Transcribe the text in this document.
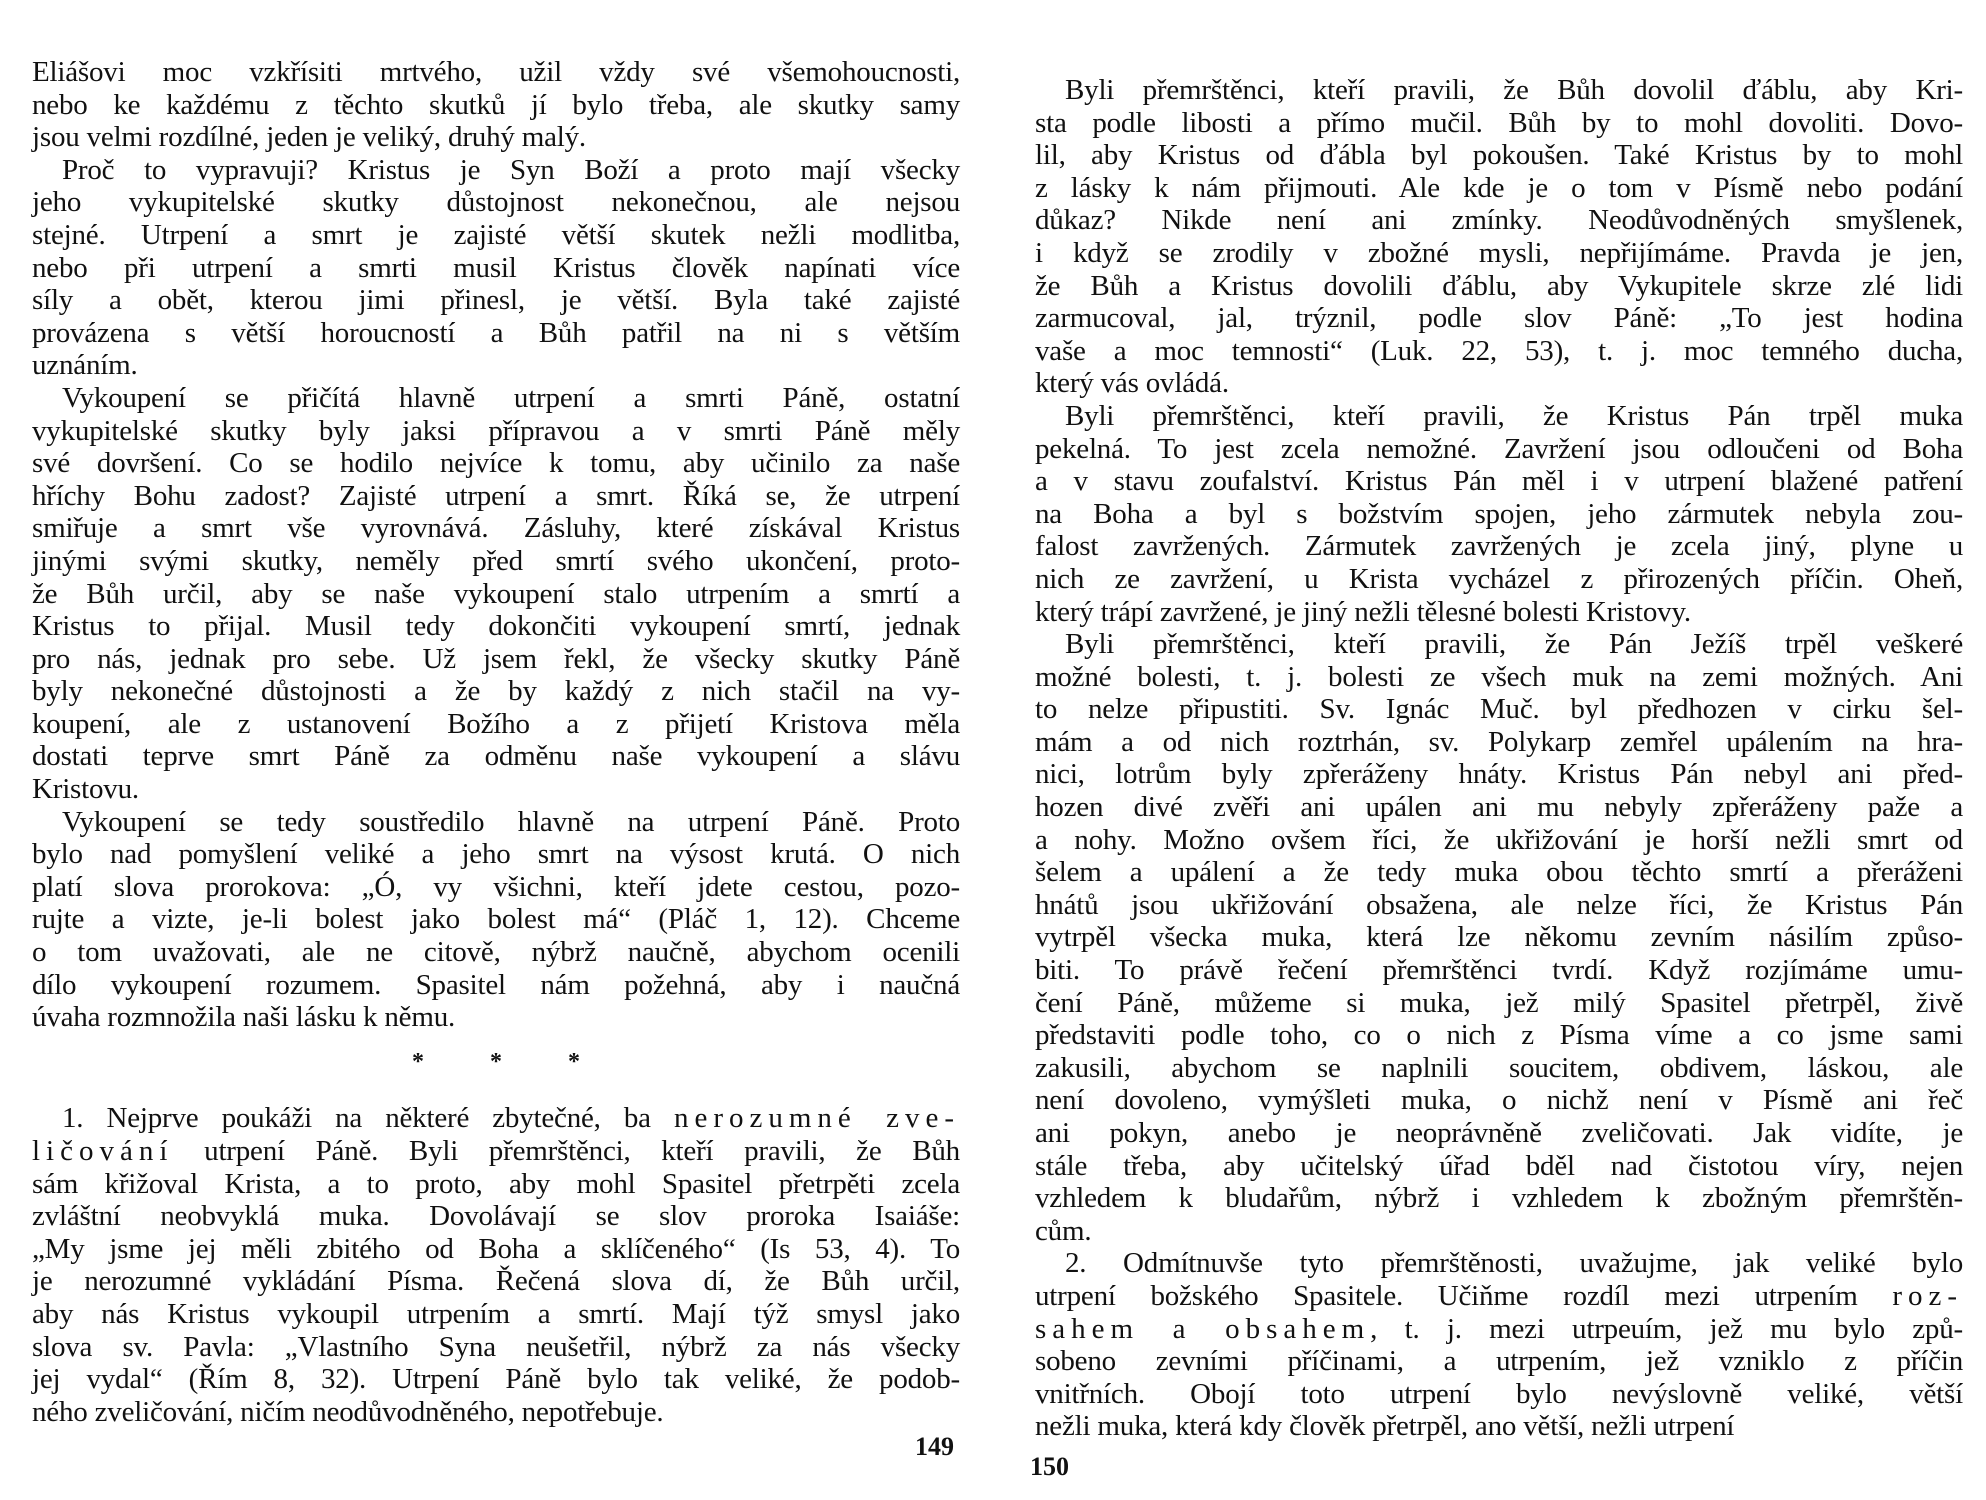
Eliášovi moc vzkřísiti mrtvého, užil vždy své všemohoucnosti,
nebo ke každému z těchto skutků jí bylo třeba, ale skutky samy
jsou velmi rozdílné, jeden je veliký, druhý malý.
Proč to vypravuji? Kristus je Syn Boží a proto mají všecky
jeho vykupitelské skutky důstojnost nekonečnou, ale nejsou
stejné. Utrpení a smrt je zajisté větší skutek nežli modlitba,
nebo při utrpení a smrti musil Kristus člověk napínati více
síly a obět, kterou jimi přinesl, je větší. Byla také zajisté
provázena s větší horoucností a Bůh patřil na ni s větším
uznáním.
Vykoupení se přičítá hlavně utrpení a smrti Páně, ostatní
vykupitelské skutky byly jaksi přípravou a v smrti Páně měly
své dovršení. Co se hodilo nejvíce k tomu, aby učinilo za naše
hříchy Bohu zadost? Zajisté utrpení a smrt. Říká se, že utrpení
smiřuje a smrt vše vyrovnává. Zásluhy, které získával Kristus
jinými svými skutky, neměly před smrtí svého ukončení, proto-
že Bůh určil, aby se naše vykoupení stalo utrpením a smrtí a
Kristus to přijal. Musil tedy dokončiti vykoupení smrtí, jednak
pro nás, jednak pro sebe. Už jsem řekl, že všecky skutky Páně
byly nekonečné důstojnosti a že by každý z nich stačil na vy-
koupení, ale z ustanovení Božího a z přijetí Kristova měla
dostati teprve smrt Páně za odměnu naše vykoupení a slávu
Kristovu.
Vykoupení se tedy soustředilo hlavně na utrpení Páně. Proto
bylo nad pomyšlení veliké a jeho smrt na výsost krutá. O nich
platí slova prorokova: „Ó, vy všichni, kteří jdete cestou, pozo-
rujte a vizte, je-li bolest jako bolest má“ (Pláč 1, 12). Chceme
o tom uvažovati, ale ne citově, nýbrž naučně, abychom ocenili
dílo vykoupení rozumem. Spasitel nám požehná, aby i naučná
úvaha rozmnožila naši lásku k němu.
* * *
1. Nejprve poukáži na některé zbytečné, ba nerozumné zve-
ličování utrpení Páně. Byli přemrštěnci, kteří pravili, že Bůh
sám křižoval Krista, a to proto, aby mohl Spasitel přetrpěti zcela
zvláštní neobvyklá muka. Dovolávají se slov proroka Isaiáše:
„My jsme jej měli zbitého od Boha a sklíčeného“ (Is 53, 4). To
je nerozumné vykládání Písma. Řečená slova dí, že Bůh určil,
aby nás Kristus vykoupil utrpením a smrtí. Mají týž smysl jako
slova sv. Pavla: „Vlastního Syna neušetřil, nýbrž za nás všecky
jej vydal“ (Řím 8, 32). Utrpení Páně bylo tak veliké, že podob-
ného zveličování, ničím neodůvodněného, nepotřebuje.
149
Byli přemrštěnci, kteří pravili, že Bůh dovolil ďáblu, aby Kri-
sta podle libosti a přímo mučil. Bůh by to mohl dovoliti. Dovo-
lil, aby Kristus od ďábla byl pokoušen. Také Kristus by to mohl
z lásky k nám přijmouti. Ale kde je o tom v Písmě nebo podání
důkaz? Nikde není ani zmínky. Neodůvodněných smyšlenek,
i když se zrodily v zbožné mysli, nepřijímáme. Pravda je jen,
že Bůh a Kristus dovolili ďáblu, aby Vykupitele skrze zlé lidi
zarmucoval, jal, trýznil, podle slov Páně: „To jest hodina
vaše a moc temnosti“ (Luk. 22, 53), t. j. moc temného ducha,
který vás ovládá.
Byli přemrštěnci, kteří pravili, že Kristus Pán trpěl muka
pekelná. To jest zcela nemožné. Zavržení jsou odloučeni od Boha
a v stavu zoufalství. Kristus Pán měl i v utrpení blažené patření
na Boha a byl s božstvím spojen, jeho zármutek nebyla zou-
falost zavržených. Zármutek zavržených je zcela jiný, plyne u
nich ze zavržení, u Krista vycházel z přirozených příčin. Oheň,
který trápí zavržené, je jiný nežli tělesné bolesti Kristovy.
Byli přemrštěnci, kteří pravili, že Pán Ježíš trpěl veškeré
možné bolesti, t. j. bolesti ze všech muk na zemi možných. Ani
to nelze připustiti. Sv. Ignác Muč. byl předhozen v cirku šel-
mám a od nich roztrhán, sv. Polykarp zemřel upálením na hra-
nici, lotrům byly zpřeráženy hnáty. Kristus Pán nebyl ani před-
hozen divé zvěři ani upálen ani mu nebyly zpřeráženy paže a
a nohy. Možno ovšem říci, že ukřižování je horší nežli smrt od
šelem a upálení a že tedy muka obou těchto smrtí a přeráženi
hnátů jsou ukřižování obsažena, ale nelze říci, že Kristus Pán
vytrpěl všecka muka, která lze někomu zevním násilím způso-
biti. To právě řečení přemrštěnci tvrdí. Když rozjímáme umu-
čení Páně, můžeme si muka, jež milý Spasitel přetrpěl, živě
představiti podle toho, co o nich z Písma víme a co jsme sami
zakusili, abychom se naplnili soucitem, obdivem, láskou, ale
není dovoleno, vymýšleti muka, o nichž není v Písmě ani řeč
ani pokyn, anebo je neoprávněně zveličovati. Jak vidíte, je
stále třeba, aby učitelský úřad bděl nad čistotou víry, nejen
vzhledem k bludařům, nýbrž i vzhledem k zbožným přemrštěn-
cům.
2. Odmítnuvše tyto přemrštěnosti, uvažujme, jak veliké bylo
utrpení božského Spasitele. Učiňme rozdíl mezi utrpením roz-
sahem a obsahem, t. j. mezi utrpeuím, jež mu bylo způ-
sobeno zevními příčinami, a utrpením, jež vzniklo z příčin
vnitřních. Obojí toto utrpení bylo nevýslovně veliké, větší
nežli muka, která kdy člověk přetrpěl, ano větší, nežli utrpení
150
